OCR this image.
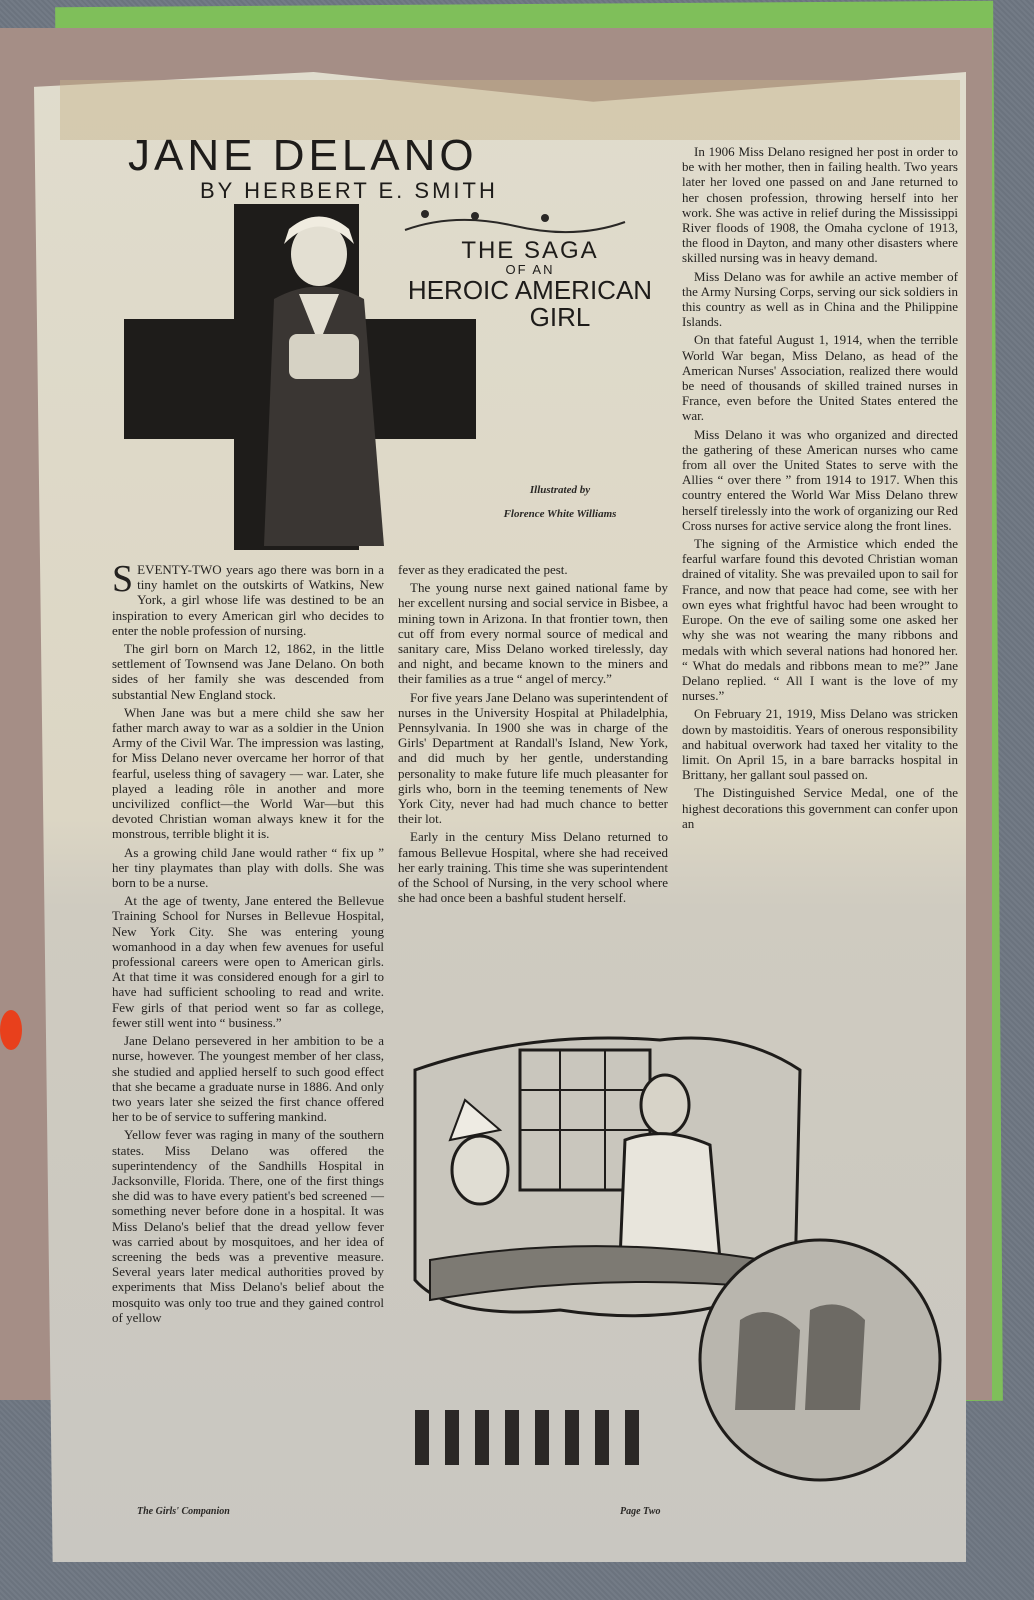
JANE DELANO
BY HERBERT E. SMITH
THE SAGA
OF AN
HEROIC AMERICAN
GIRL
Illustrated by
Florence White Williams

SEVENTY-TWO years ago there was born in a tiny hamlet on the outskirts of Watkins, New York, a girl whose life was destined to be an inspiration to every American girl who decides to enter the noble profession of nursing.

The girl born on March 12, 1862, in the little settlement of Townsend was Jane Delano. On both sides of her family she was descended from substantial New England stock.

When Jane was but a mere child she saw her father march away to war as a soldier in the Union Army of the Civil War. The impression was lasting, for Miss Delano never overcame her horror of that fearful, useless thing of savagery — war. Later, she played a leading rôle in another and more uncivilized conflict—the World War—but this devoted Christian woman always knew it for the monstrous, terrible blight it is.

As a growing child Jane would rather “ fix up ” her tiny playmates than play with dolls. She was born to be a nurse.

At the age of twenty, Jane entered the Bellevue Training School for Nurses in Bellevue Hospital, New York City. She was entering young womanhood in a day when few avenues for useful professional careers were open to American girls. At that time it was considered enough for a girl to have had sufficient schooling to read and write. Few girls of that period went so far as college, fewer still went into “ business.”

Jane Delano persevered in her ambition to be a nurse, however. The youngest member of her class, she studied and applied herself to such good effect that she became a graduate nurse in 1886. And only two years later she seized the first chance offered her to be of service to suffering mankind.

Yellow fever was raging in many of the southern states. Miss Delano was offered the superintendency of the Sandhills Hospital in Jacksonville, Florida. There, one of the first things she did was to have every patient's bed screened — something never before done in a hospital. It was Miss Delano's belief that the dread yellow fever was carried about by mosquitoes, and her idea of screening the beds was a preventive measure. Several years later medical authorities proved by experiments that Miss Delano's belief about the mosquito was only too true and they gained control of yellow

fever as they eradicated the pest.

The young nurse next gained national fame by her excellent nursing and social service in Bisbee, a mining town in Arizona. In that frontier town, then cut off from every normal source of medical and sanitary care, Miss Delano worked tirelessly, day and night, and became known to the miners and their families as a true “ angel of mercy.”

For five years Jane Delano was superintendent of nurses in the University Hospital at Philadelphia, Pennsylvania. In 1900 she was in charge of the Girls' Department at Randall's Island, New York, and did much by her gentle, understanding personality to make future life much pleasanter for girls who, born in the teeming tenements of New York City, never had had much chance to better their lot.

Early in the century Miss Delano returned to famous Bellevue Hospital, where she had received her early training. This time she was superintendent of the School of Nursing, in the very school where she had once been a bashful student herself.

In 1906 Miss Delano resigned her post in order to be with her mother, then in failing health. Two years later her loved one passed on and Jane returned to her chosen profession, throwing herself into her work. She was active in relief during the Mississippi River floods of 1908, the Omaha cyclone of 1913, the flood in Dayton, and many other disasters where skilled nursing was in heavy demand.

Miss Delano was for awhile an active member of the Army Nursing Corps, serving our sick soldiers in this country as well as in China and the Philippine Islands.

On that fateful August 1, 1914, when the terrible World War began, Miss Delano, as head of the American Nurses' Association, realized there would be need of thousands of skilled trained nurses in France, even before the United States entered the war.

Miss Delano it was who organized and directed the gathering of these American nurses who came from all over the United States to serve with the Allies “ over there ” from 1914 to 1917. When this country entered the World War Miss Delano threw herself tirelessly into the work of organizing our Red Cross nurses for active service along the front lines.

The signing of the Armistice which ended the fearful warfare found this devoted Christian woman drained of vitality. She was prevailed upon to sail for France, and now that peace had come, see with her own eyes what frightful havoc had been wrought to Europe. On the eve of sailing some one asked her why she was not wearing the many ribbons and medals with which several nations had honored her. “ What do medals and ribbons mean to me?” Jane Delano replied. “ All I want is the love of my nurses.”

On February 21, 1919, Miss Delano was stricken down by mastoiditis. Years of onerous responsibility and habitual overwork had taxed her vitality to the limit. On April 15, in a bare barracks hospital in Brittany, her gallant soul passed on.

The Distinguished Service Medal, one of the highest decorations this government can confer upon an

The Girls' Companion	Page Two
